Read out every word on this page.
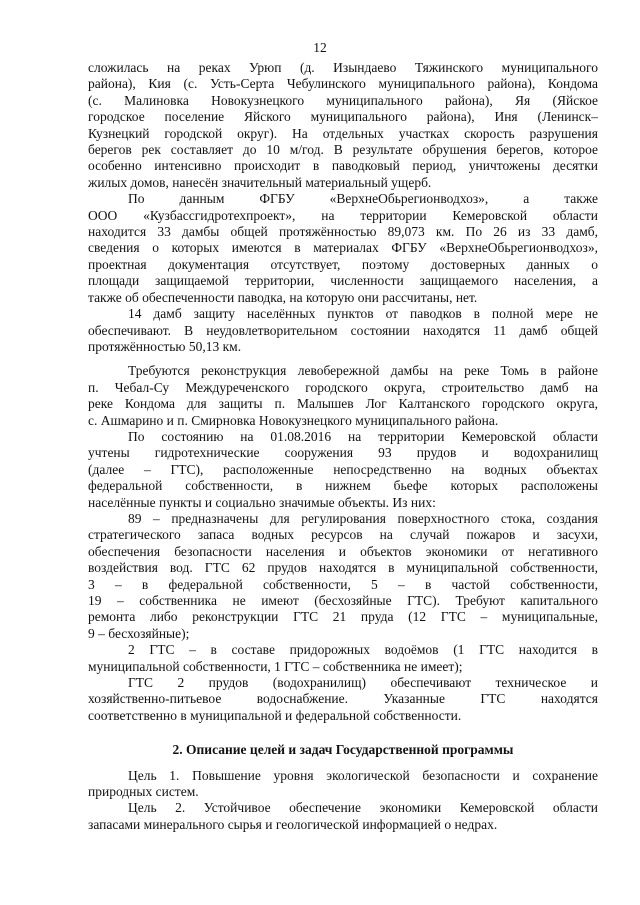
12
сложилась на реках Урюп (д. Изындаево Тяжинского муниципального
района), Кия (с. Усть-Серта Чебулинского муниципального района), Кондома
(с. Малиновка Новокузнецкого муниципального района), Яя (Яйское
городское поселение Яйского муниципального района), Иня (Ленинск–
Кузнецкий городской округ). На отдельных участках скорость разрушения
берегов рек составляет до 10 м/год. В результате обрушения берегов, которое
особенно интенсивно происходит в паводковый период, уничтожены десятки
жилых домов, нанесён значительный материальный ущерб.
По данным ФГБУ «ВерхнеОбьрегионводхоз», а также
ООО «Кузбассгидротехпроект», на территории Кемеровской области
находится 33 дамбы общей протяжённостью 89,073 км. По 26 из 33 дамб,
сведения о которых имеются в материалах ФГБУ «ВерхнеОбьрегионводхоз»,
проектная документация отсутствует, поэтому достоверных данных о
площади защищаемой территории, численности защищаемого населения, а
также об обеспеченности паводка, на которую они рассчитаны, нет.
14 дамб защиту населённых пунктов от паводков в полной мере не
обеспечивают. В неудовлетворительном состоянии находятся 11 дамб общей
протяжённостью 50,13 км.
Требуются реконструкция левобережной дамбы на реке Томь в районе
п. Чебал-Су Междуреченского городского округа, строительство дамб на
реке Кондома для защиты п. Малышев Лог Калтанского городского округа,
с. Ашмарино и п. Смирновка Новокузнецкого муниципального района.
По состоянию на 01.08.2016 на территории Кемеровской области
учтены гидротехнические сооружения 93 прудов и водохранилищ
(далее – ГТС), расположенные непосредственно на водных объектах
федеральной собственности, в нижнем бьефе которых расположены
населённые пункты и социально значимые объекты. Из них:
89 – предназначены для регулирования поверхностного стока, создания
стратегического запаса водных ресурсов на случай пожаров и засухи,
обеспечения безопасности населения и объектов экономики от негативного
воздействия вод. ГТС 62 прудов находятся в муниципальной собственности,
3 – в федеральной собственности, 5 – в частой собственности,
19 – собственника не имеют (бесхозяйные ГТС). Требуют капитального
ремонта либо реконструкции ГТС 21 пруда (12 ГТС – муниципальные,
9 – бесхозяйные);
2 ГТС – в составе придорожных водоёмов (1 ГТС находится в
муниципальной собственности, 1 ГТС – собственника не имеет);
ГТС 2 прудов (водохранилищ) обеспечивают техническое и
хозяйственно-питьевое водоснабжение. Указанные ГТС находятся
соответственно в муниципальной и федеральной собственности.
2. Описание целей и задач Государственной программы
Цель 1. Повышение уровня экологической безопасности и сохранение
природных систем.
Цель 2. Устойчивое обеспечение экономики Кемеровской области
запасами минерального сырья и геологической информацией о недрах.
